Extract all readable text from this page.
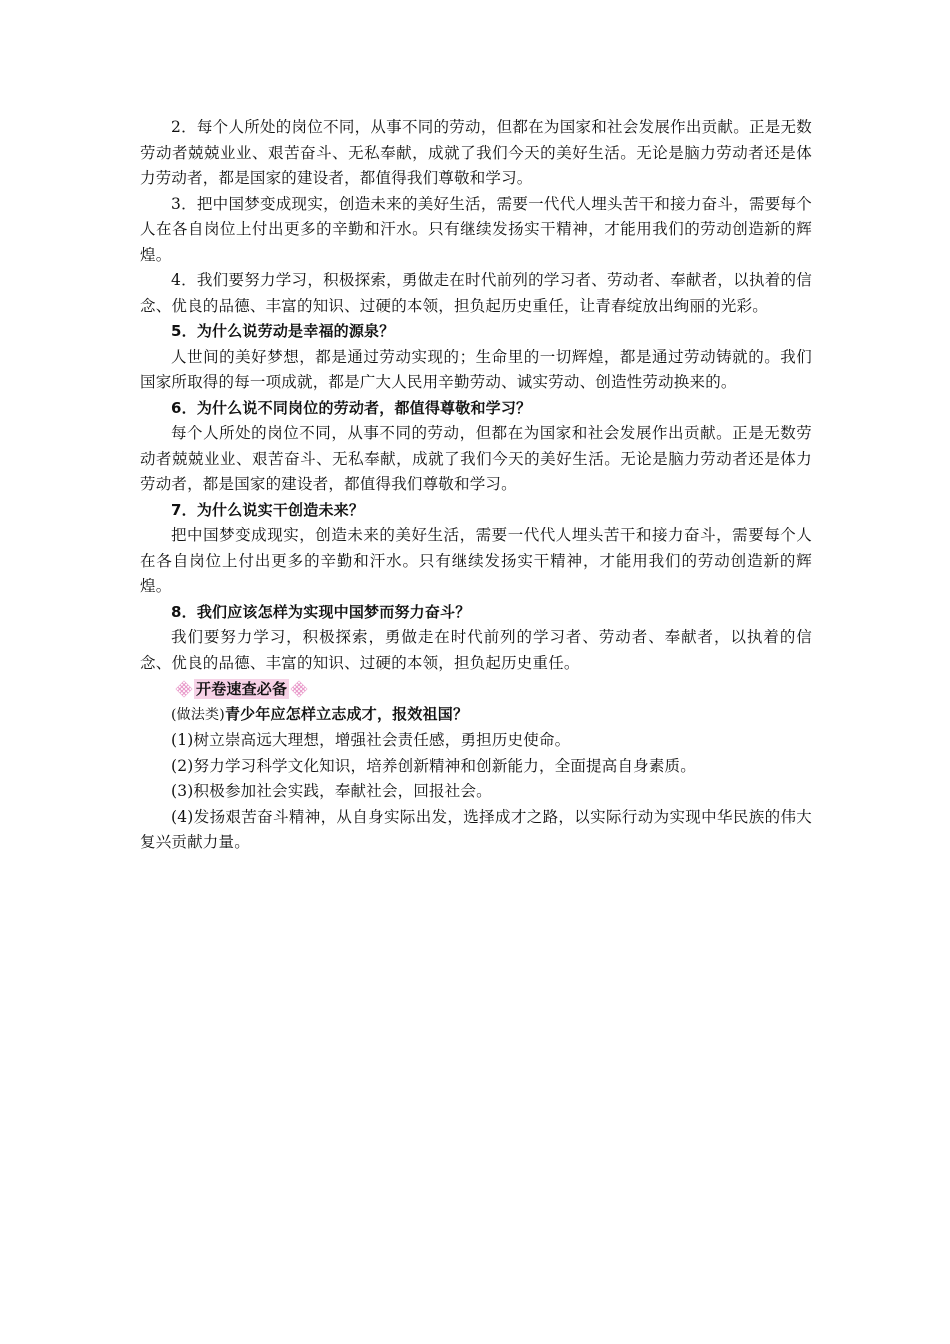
2．每个人所处的岗位不同，从事不同的劳动，但都在为国家和社会发展作出贡献。正是无数劳动者兢兢业业、艰苦奋斗、无私奉献，成就了我们今天的美好生活。无论是脑力劳动者还是体力劳动者，都是国家的建设者，都值得我们尊敬和学习。

3．把中国梦变成现实，创造未来的美好生活，需要一代代人埋头苦干和接力奋斗，需要每个人在各自岗位上付出更多的辛勤和汗水。只有继续发扬实干精神，才能用我们的劳动创造新的辉煌。

4．我们要努力学习，积极探索，勇做走在时代前列的学习者、劳动者、奉献者，以执着的信念、优良的品德、丰富的知识、过硬的本领，担负起历史重任，让青春绽放出绚丽的光彩。

5．为什么说劳动是幸福的源泉？

人世间的美好梦想，都是通过劳动实现的；生命里的一切辉煌，都是通过劳动铸就的。我们国家所取得的每一项成就，都是广大人民用辛勤劳动、诚实劳动、创造性劳动换来的。

6．为什么说不同岗位的劳动者，都值得尊敬和学习？

每个人所处的岗位不同，从事不同的劳动，但都在为国家和社会发展作出贡献。正是无数劳动者兢兢业业、艰苦奋斗、无私奉献，成就了我们今天的美好生活。无论是脑力劳动者还是体力劳动者，都是国家的建设者，都值得我们尊敬和学习。

7．为什么说实干创造未来？

把中国梦变成现实，创造未来的美好生活，需要一代代人埋头苦干和接力奋斗，需要每个人在各自岗位上付出更多的辛勤和汗水。只有继续发扬实干精神，才能用我们的劳动创造新的辉煌。

8．我们应该怎样为实现中国梦而努力奋斗？

我们要努力学习，积极探索，勇做走在时代前列的学习者、劳动者、奉献者，以执着的信念、优良的品德、丰富的知识、过硬的本领，担负起历史重任。

开卷速查必备

(做法类)青少年应怎样立志成才，报效祖国？

(1)树立崇高远大理想，增强社会责任感，勇担历史使命。

(2)努力学习科学文化知识，培养创新精神和创新能力，全面提高自身素质。

(3)积极参加社会实践，奉献社会，回报社会。

(4)发扬艰苦奋斗精神，从自身实际出发，选择成才之路，以实际行动为实现中华民族的伟大复兴贡献力量。
